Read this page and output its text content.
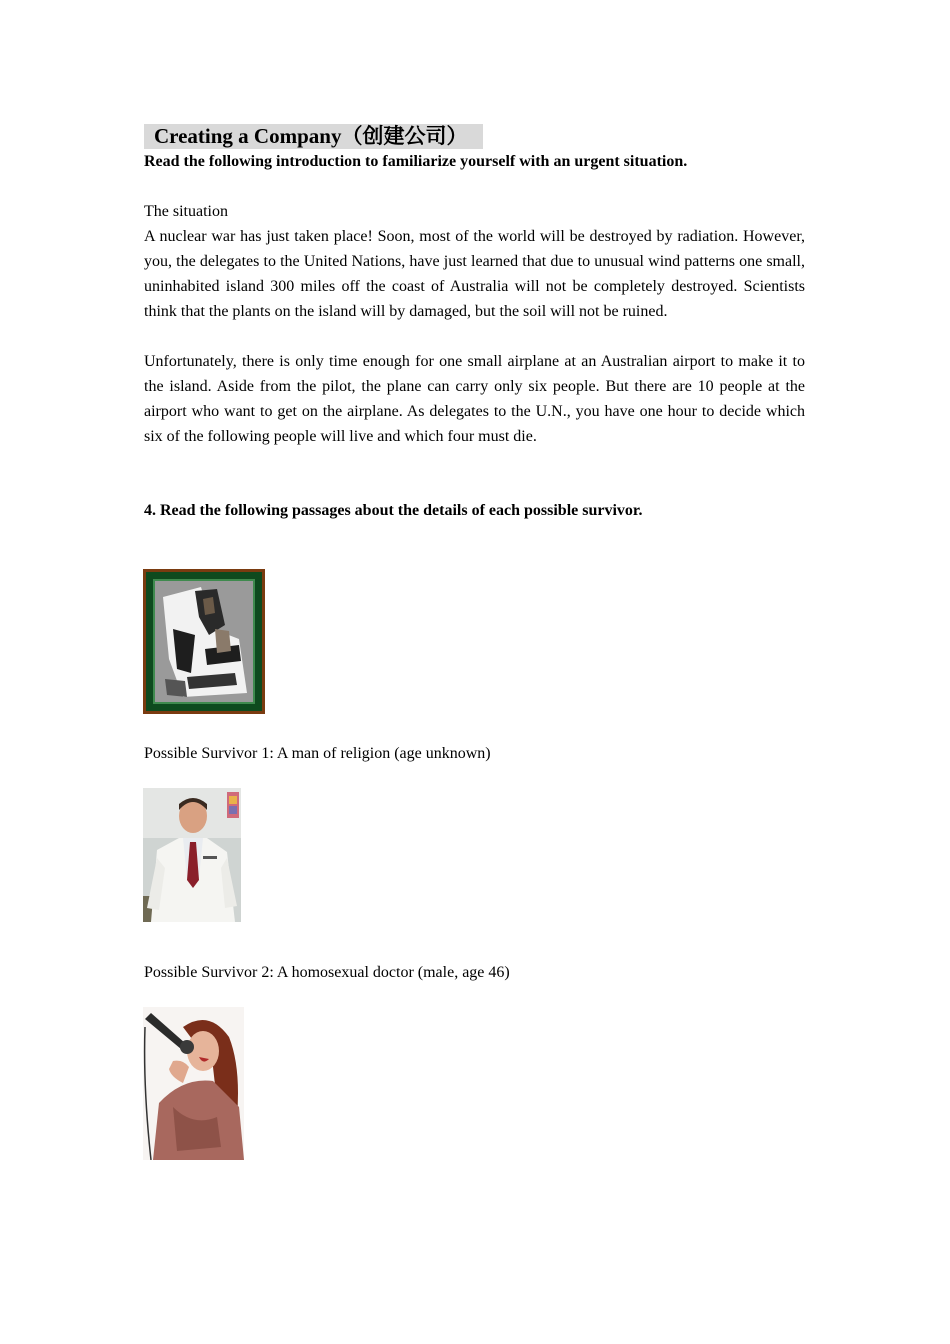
Creating a Company（创建公司）
Read the following introduction to familiarize yourself with an urgent situation.

The situation

A nuclear war has just taken place! Soon, most of the world will be destroyed by radiation. However, you, the delegates to the United Nations, have just learned that due to unusual wind patterns one small, uninhabited island 300 miles off the coast of Australia will not be completely destroyed. Scientists think that the plants on the island will by damaged, but the soil will not be ruined.

Unfortunately, there is only time enough for one small airplane at an Australian airport to make it to the island. Aside from the pilot, the plane can carry only six people. But there are 10 people at the airport who want to get on the airplane. As delegates to the U.N., you have one hour to decide which six of the following people will live and which four must die.

4. Read the following passages about the details of each possible survivor.
Possible Survivor 1: A man of religion (age unknown)
Possible Survivor 2: A homosexual doctor (male, age 46)
